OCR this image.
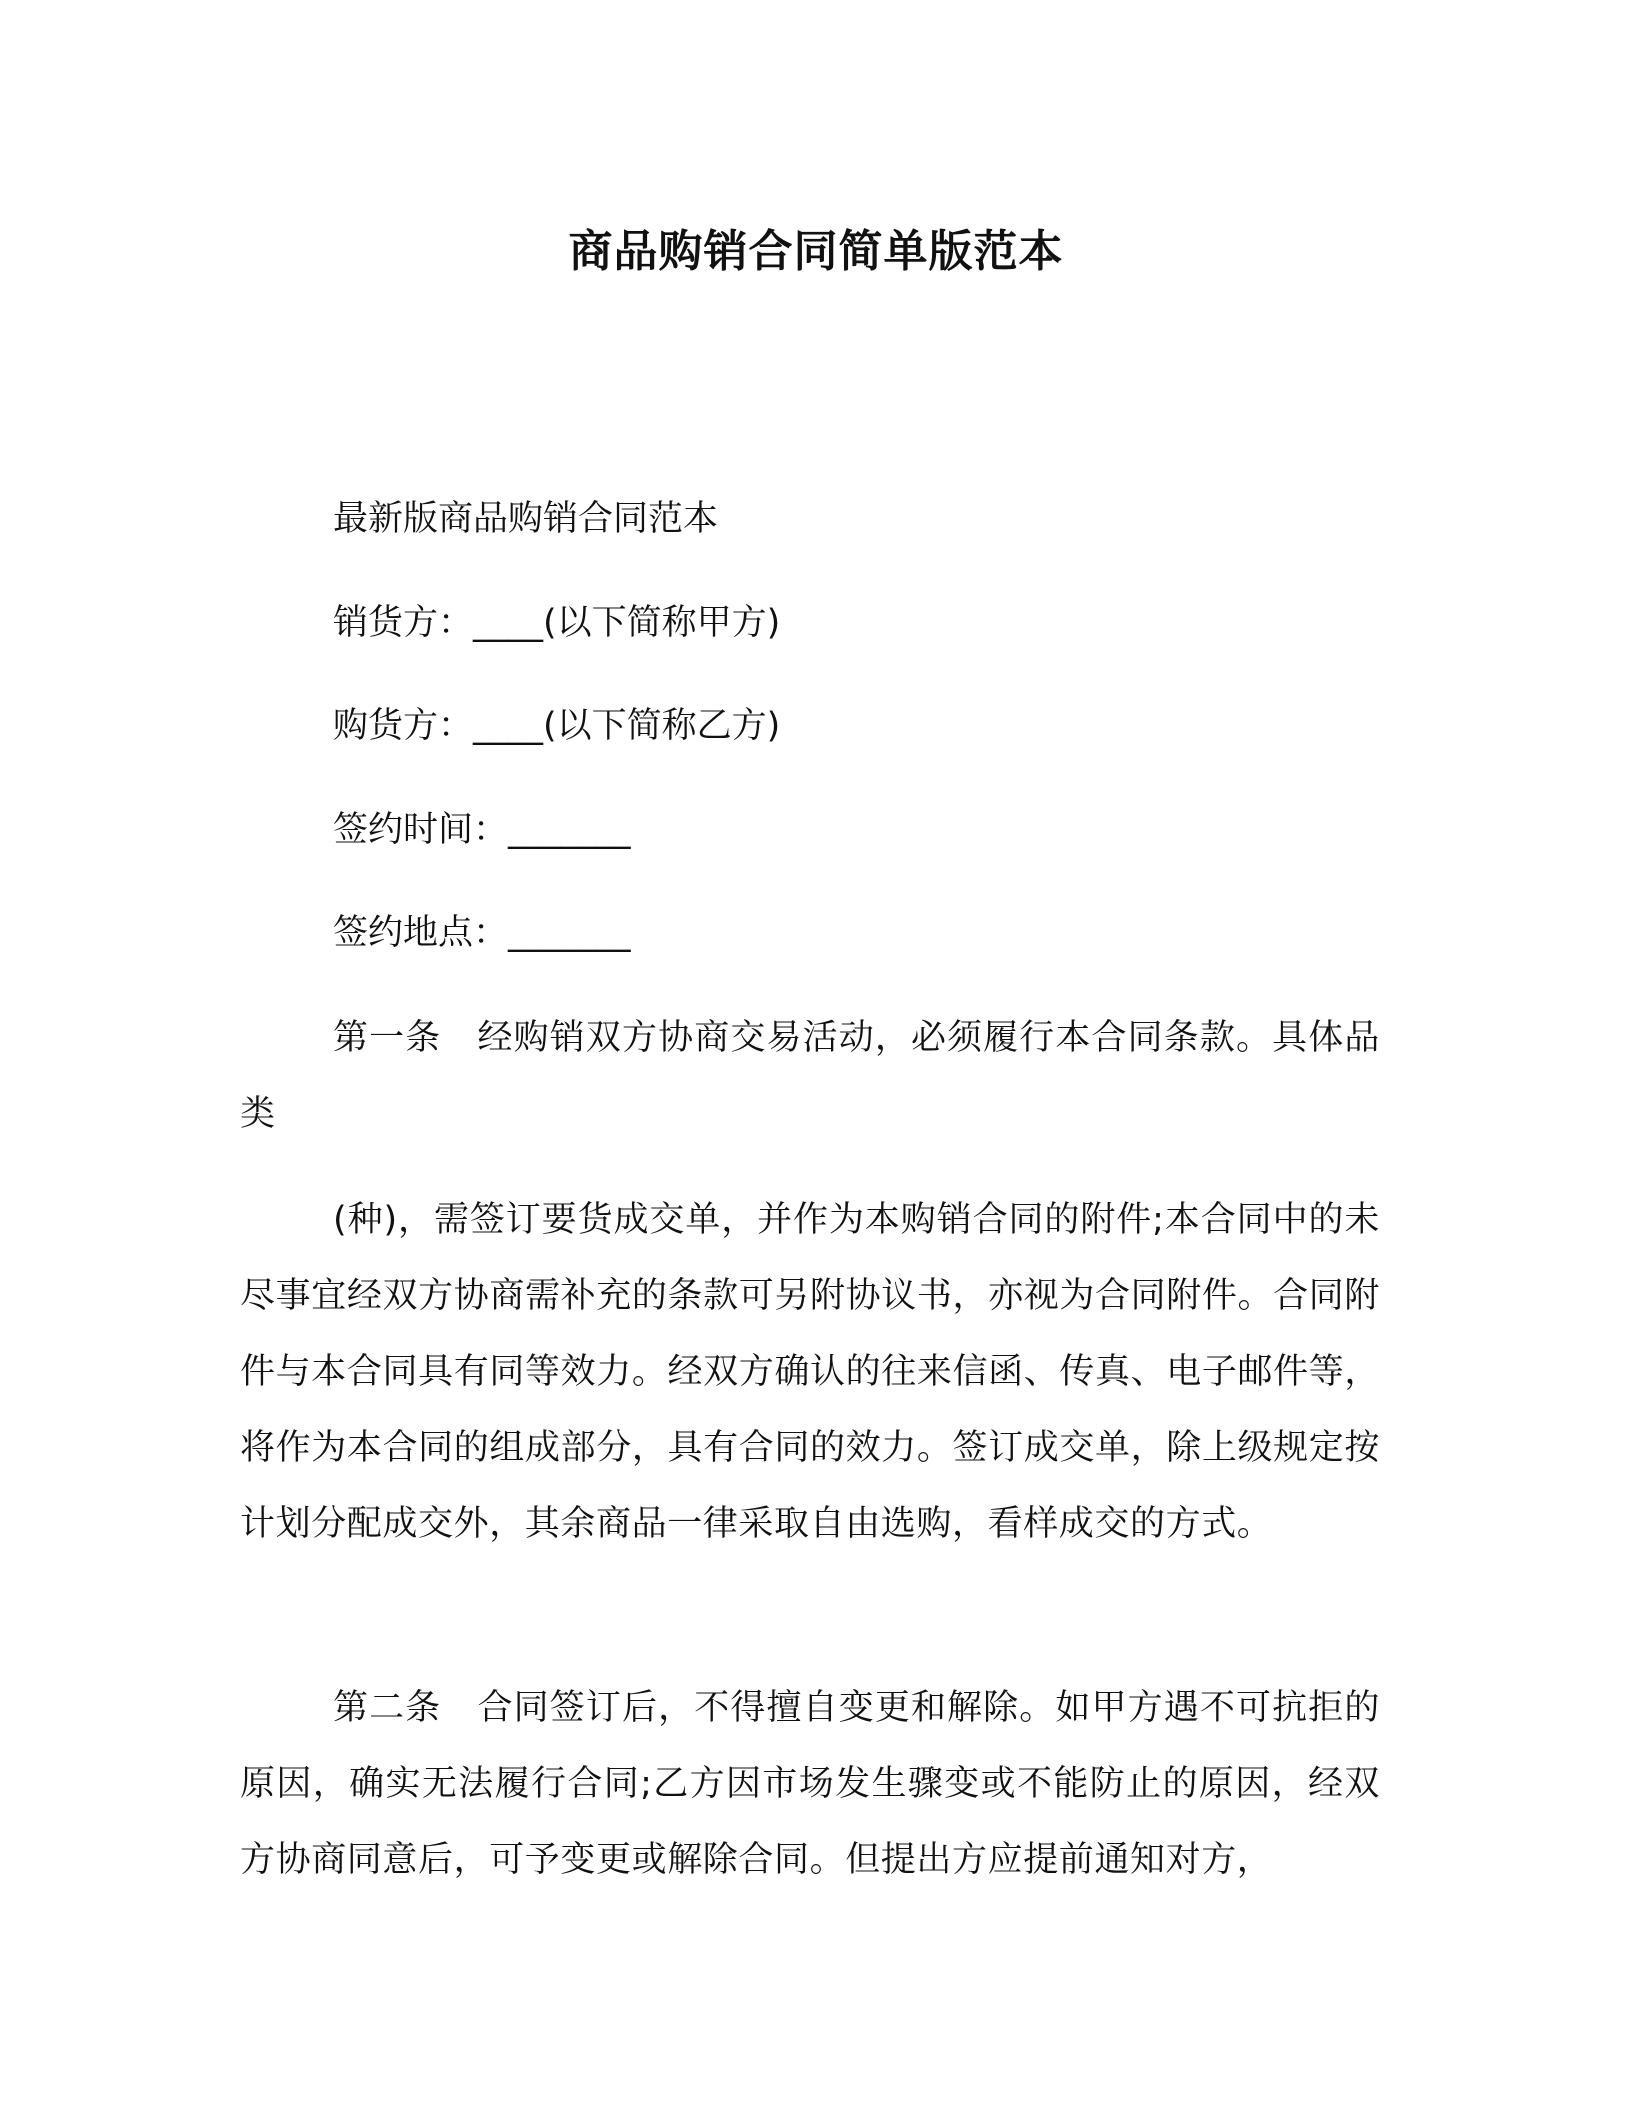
商品购销合同简单版范本
最新版商品购销合同范本
销货方：____(以下简称甲方)
购货方：____(以下简称乙方)
签约时间：_______
签约地点：_______

第一条　经购销双方协商交易活动，必须履行本合同条款。具体品类

(种)，需签订要货成交单，并作为本购销合同的附件;本合同中的未尽事宜经双方协商需补充的条款可另附协议书，亦视为合同附件。合同附件与本合同具有同等效力。经双方确认的往来信函、传真、电子邮件等，将作为本合同的组成部分，具有合同的效力。签订成交单，除上级规定按计划分配成交外，其余商品一律采取自由选购，看样成交的方式。

第二条　合同签订后，不得擅自变更和解除。如甲方遇不可抗拒的原因，确实无法履行合同;乙方因市场发生骤变或不能防止的原因，经双方协商同意后，可予变更或解除合同。但提出方应提前通知对方，
